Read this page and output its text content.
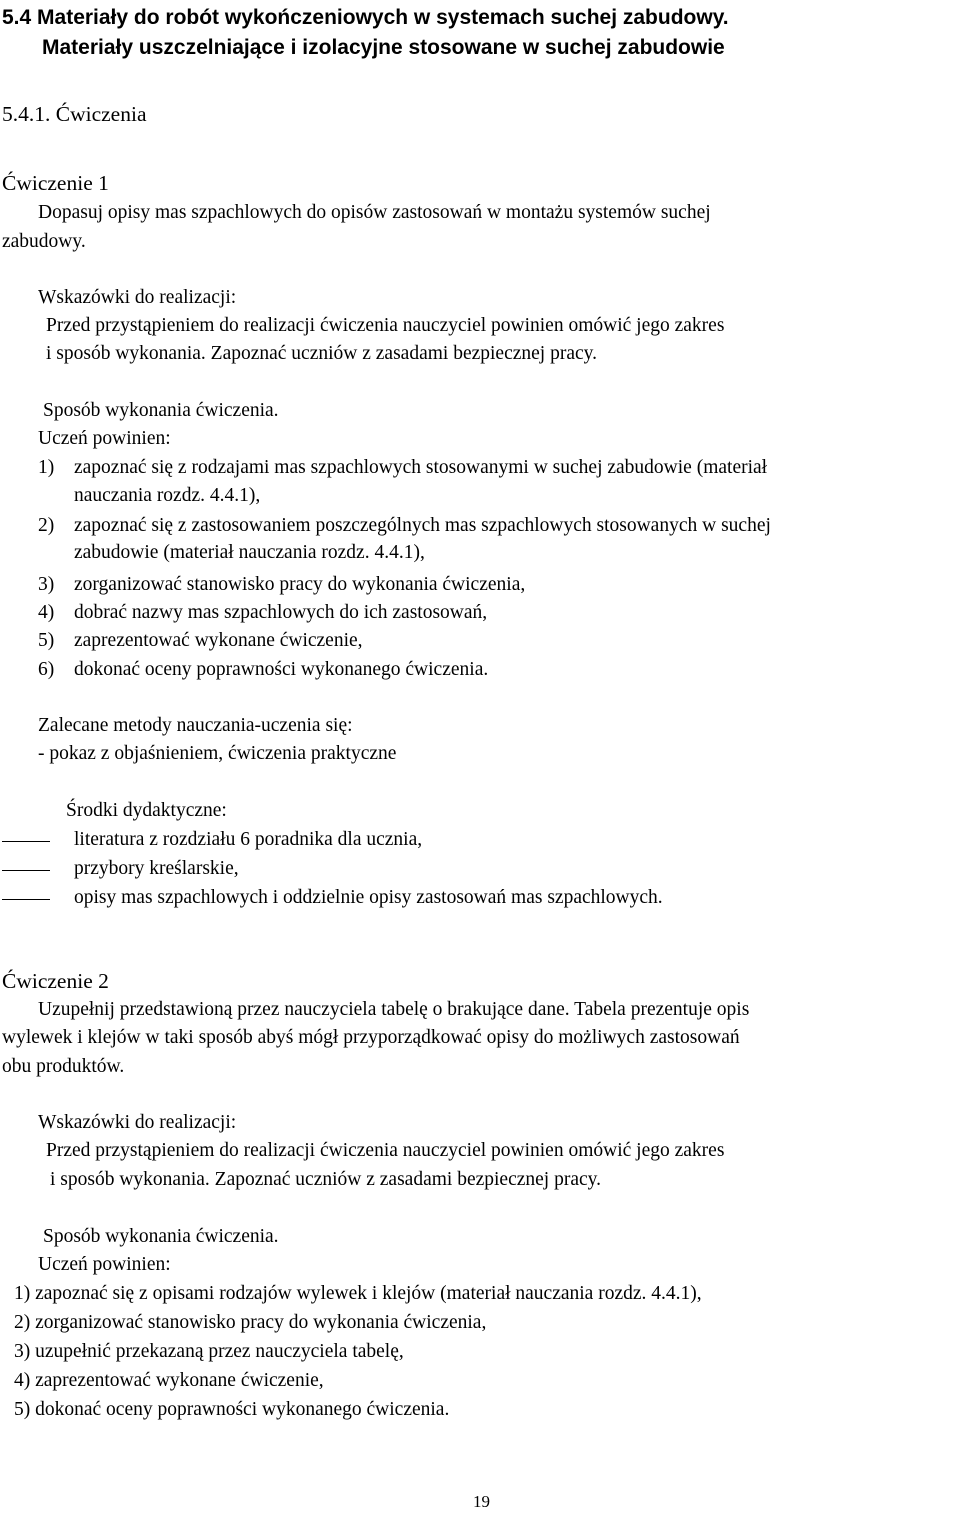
5.4 Materiały do robót wykończeniowych w systemach suchej zabudowy.
Materiały uszczelniające i izolacyjne stosowane w suchej zabudowie
5.4.1. Ćwiczenia
Ćwiczenie 1
Dopasuj opisy mas szpachlowych do opisów zastosowań w montażu systemów suchej
zabudowy.
Wskazówki do realizacji:
Przed przystąpieniem do realizacji ćwiczenia nauczyciel powinien omówić jego zakres
i sposób wykonania. Zapoznać uczniów z zasadami bezpiecznej pracy.
Sposób wykonania ćwiczenia.
Uczeń powinien:
1) zapoznać się z rodzajami mas szpachlowych stosowanymi w suchej zabudowie (materiał
nauczania rozdz. 4.4.1),
2) zapoznać się z zastosowaniem poszczególnych mas szpachlowych stosowanych w suchej
zabudowie (materiał nauczania rozdz. 4.4.1),
3) zorganizować stanowisko pracy do wykonania ćwiczenia,
4) dobrać nazwy mas szpachlowych do ich zastosowań,
5) zaprezentować wykonane ćwiczenie,
6) dokonać oceny poprawności wykonanego ćwiczenia.
Zalecane metody nauczania-uczenia się:
- pokaz z objaśnieniem, ćwiczenia praktyczne
Środki dydaktyczne:
literatura z rozdziału 6 poradnika dla ucznia,
przybory kreślarskie,
opisy mas szpachlowych i oddzielnie opisy zastosowań mas szpachlowych.
Ćwiczenie 2
Uzupełnij przedstawioną przez nauczyciela tabelę o brakujące dane. Tabela prezentuje opis
wylewek i klejów w taki sposób abyś mógł przyporządkować opisy do możliwych zastosowań
obu produktów.
Wskazówki do realizacji:
Przed przystąpieniem do realizacji ćwiczenia nauczyciel powinien omówić jego zakres
i sposób wykonania. Zapoznać uczniów z zasadami bezpiecznej pracy.
Sposób wykonania ćwiczenia.
Uczeń powinien:
1) zapoznać się z opisami rodzajów wylewek i klejów (materiał nauczania rozdz. 4.4.1),
2) zorganizować stanowisko pracy do wykonania ćwiczenia,
3) uzupełnić przekazaną przez nauczyciela tabelę,
4) zaprezentować wykonane ćwiczenie,
5) dokonać oceny poprawności wykonanego ćwiczenia.
19
